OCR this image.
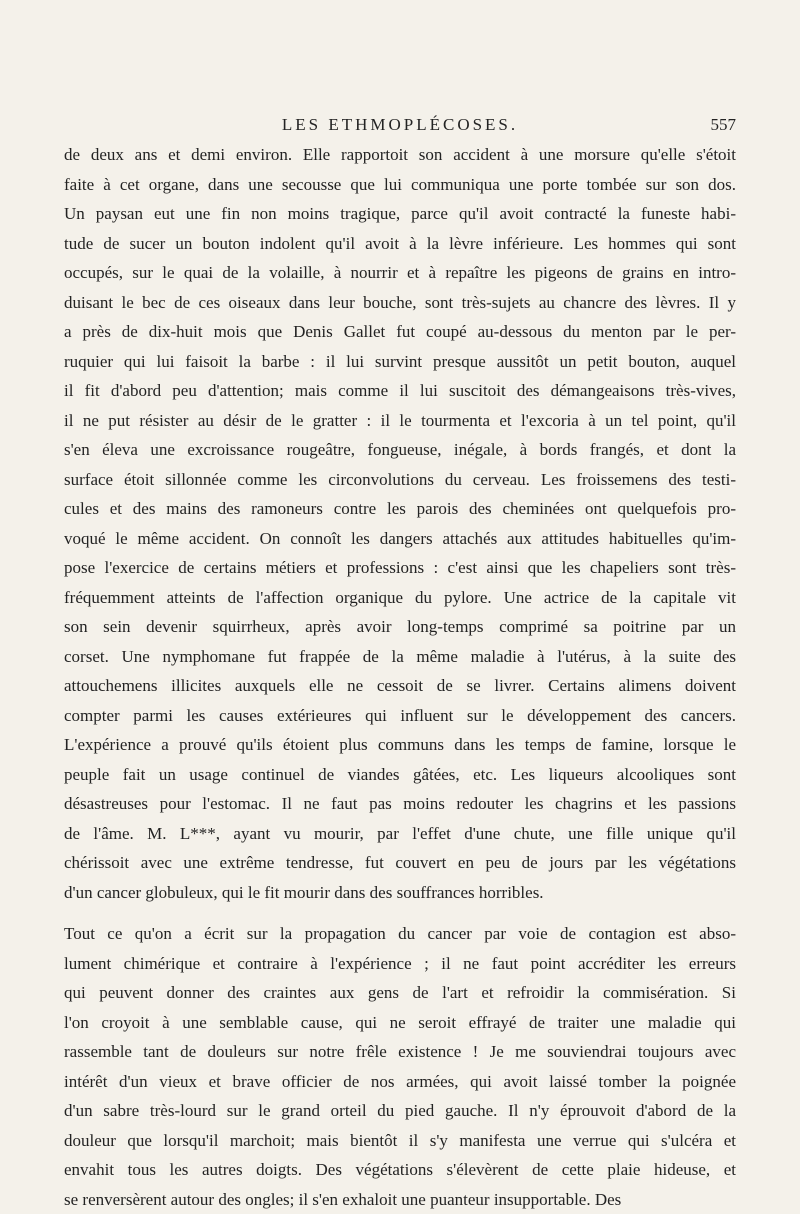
LES ETHMOPLÉCOSES.	557
de deux ans et demi environ. Elle rapportoit son accident à une morsure qu'elle s'étoit
faite à cet organe, dans une secousse que lui communiqua une porte tombée sur son dos.
Un paysan eut une fin non moins tragique, parce qu'il avoit contracté la funeste habi-
tude de sucer un bouton indolent qu'il avoit à la lèvre inférieure. Les hommes qui sont
occupés, sur le quai de la volaille, à nourrir et à repaître les pigeons de grains en intro-
duisant le bec de ces oiseaux dans leur bouche, sont très-sujets au chancre des lèvres. Il y
a près de dix-huit mois que Denis Gallet fut coupé au-dessous du menton par le per-
ruquier qui lui faisoit la barbe : il lui survint presque aussitôt un petit bouton, auquel
il fit d'abord peu d'attention; mais comme il lui suscitoit des démangeaisons très-vives,
il ne put résister au désir de le gratter : il le tourmenta et l'excoria à un tel point, qu'il
s'en éleva une excroissance rougeâtre, fongueuse, inégale, à bords frangés, et dont la
surface étoit sillonnée comme les circonvolutions du cerveau. Les froissemens des testi-
cules et des mains des ramoneurs contre les parois des cheminées ont quelquefois pro-
voqué le même accident. On connoît les dangers attachés aux attitudes habituelles qu'im-
pose l'exercice de certains métiers et professions : c'est ainsi que les chapeliers sont très-
fréquemment atteints de l'affection organique du pylore. Une actrice de la capitale vit
son sein devenir squirrheux, après avoir long-temps comprimé sa poitrine par un
corset. Une nymphomane fut frappée de la même maladie à l'utérus, à la suite des
attouchemens illicites auxquels elle ne cessoit de se livrer. Certains alimens doivent
compter parmi les causes extérieures qui influent sur le développement des cancers.
L'expérience a prouvé qu'ils étoient plus communs dans les temps de famine, lorsque le
peuple fait un usage continuel de viandes gâtées, etc. Les liqueurs alcooliques sont
désastreuses pour l'estomac. Il ne faut pas moins redouter les chagrins et les passions
de l'âme. M. L***, ayant vu mourir, par l'effet d'une chute, une fille unique qu'il
chérissoit avec une extrême tendresse, fut couvert en peu de jours par les végétations
d'un cancer globuleux, qui le fit mourir dans des souffrances horribles.
Tout ce qu'on a écrit sur la propagation du cancer par voie de contagion est abso-
lument chimérique et contraire à l'expérience ; il ne faut point accréditer les erreurs
qui peuvent donner des craintes aux gens de l'art et refroidir la commisération. Si
l'on croyoit à une semblable cause, qui ne seroit effrayé de traiter une maladie qui
rassemble tant de douleurs sur notre frêle existence ! Je me souviendrai toujours avec
intérêt d'un vieux et brave officier de nos armées, qui avoit laissé tomber la poignée
d'un sabre très-lourd sur le grand orteil du pied gauche. Il n'y éprouvoit d'abord de la
douleur que lorsqu'il marchoit; mais bientôt il s'y manifesta une verrue qui s'ulcéra et
envahit tous les autres doigts. Des végétations s'élevèrent de cette plaie hideuse, et
se renversèrent autour des ongles; il s'en exhaloit une puanteur insupportable. Des
